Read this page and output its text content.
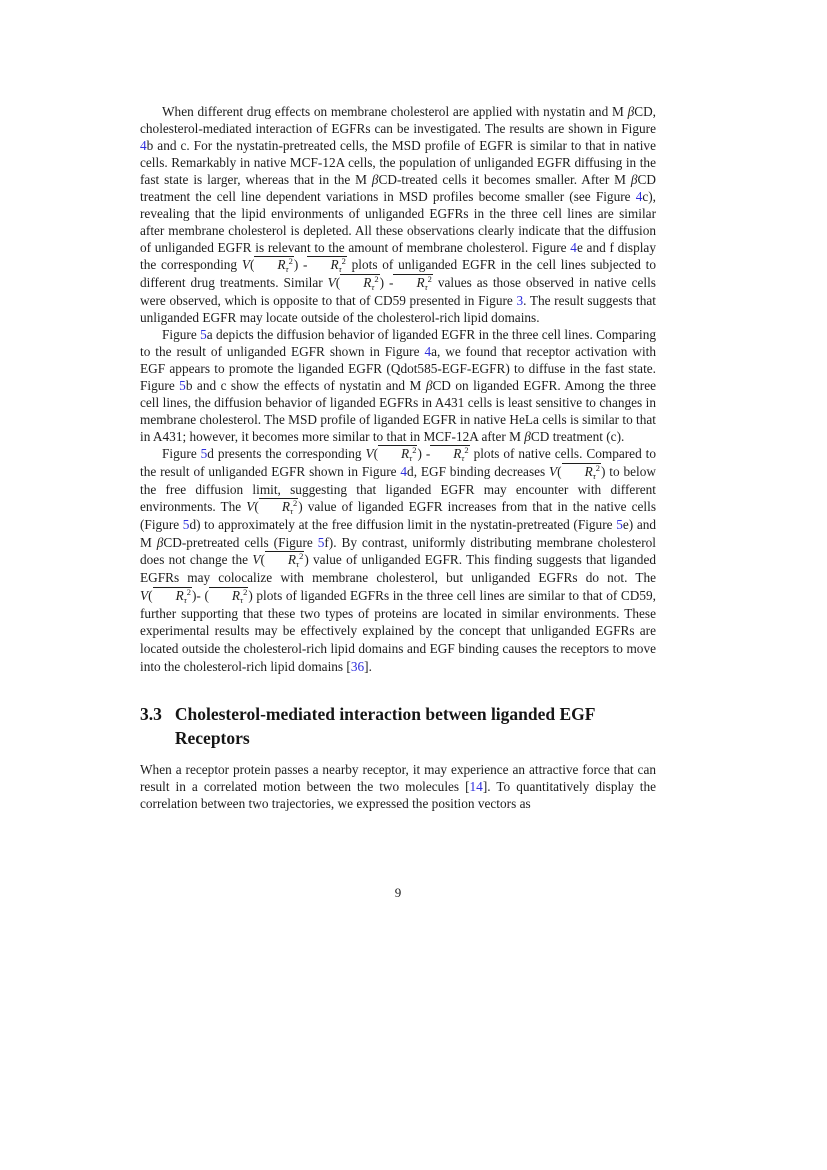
When different drug effects on membrane cholesterol are applied with nystatin and M βCD, cholesterol-mediated interaction of EGFRs can be investigated. The results are shown in Figure 4b and c. For the nystatin-pretreated cells, the MSD profile of EGFR is similar to that in native cells. Remarkably in native MCF-12A cells, the population of unliganded EGFR diffusing in the fast state is larger, whereas that in the M βCD-treated cells it becomes smaller. After M βCD treatment the cell line dependent variations in MSD profiles become smaller (see Figure 4c), revealing that the lipid environments of unliganded EGFRs in the three cell lines are similar after membrane cholesterol is depleted. All these observations clearly indicate that the diffusion of unliganded EGFR is relevant to the amount of membrane cholesterol. Figure 4e and f display the corresponding V( $R_\tau^2) - R_\tau^2$ plots of unliganded EGFR in the cell lines subjected to different drug treatments. Similar V( $R_\tau^2) - R_\tau^2$ values as those observed in native cells were observed, which is opposite to that of CD59 presented in Figure 3. The result suggests that unliganded EGFR may locate outside of the cholesterol-rich lipid domains.

Figure 5a depicts the diffusion behavior of liganded EGFR in the three cell lines. Comparing to the result of unliganded EGFR shown in Figure 4a, we found that receptor activation with EGF appears to promote the liganded EGFR (Qdot585-EGF-EGFR) to diffuse in the fast state. Figure 5b and c show the effects of nystatin and M βCD on liganded EGFR. Among the three cell lines, the diffusion behavior of liganded EGFRs in A431 cells is least sensitive to changes in membrane cholesterol. The MSD profile of liganded EGFR in native HeLa cells is similar to that in A431; however, it becomes more similar to that in MCF-12A after M βCD treatment (c).

Figure 5d presents the corresponding V( $R_\tau^2) - R_\tau^2$ plots of native cells. Compared to the result of unliganded EGFR shown in Figure 4d, EGF binding decreases V( $R_\tau^2$) to below the free diffusion limit, suggesting that liganded EGFR may encounter with different environments. The V( $R_\tau^2$) value of liganded EGFR increases from that in the native cells (Figure 5d) to approximately at the free diffusion limit in the nystatin-pretreated (Figure 5e) and M βCD-pretreated cells (Figure 5f). By contrast, uniformly distributing membrane cholesterol does not change the V( $R_\tau^2$) value of unliganded EGFR. This finding suggests that liganded EGFRs may colocalize with membrane cholesterol, but unliganded EGFRs do not. The V( $R_\tau^2)-$ ( $R_\tau^2$) plots of liganded EGFRs in the three cell lines are similar to that of CD59, further supporting that these two types of proteins are located in similar environments. These experimental results may be effectively explained by the concept that unliganded EGFRs are located outside the cholesterol-rich lipid domains and EGF binding causes the receptors to move into the cholesterol-rich lipid domains [36].

3.3 Cholesterol-mediated interaction between liganded EGF Receptors

When a receptor protein passes a nearby receptor, it may experience an attractive force that can result in a correlated motion between the two molecules [14]. To quantitatively display the correlation between two trajectories, we expressed the position vectors as

9
